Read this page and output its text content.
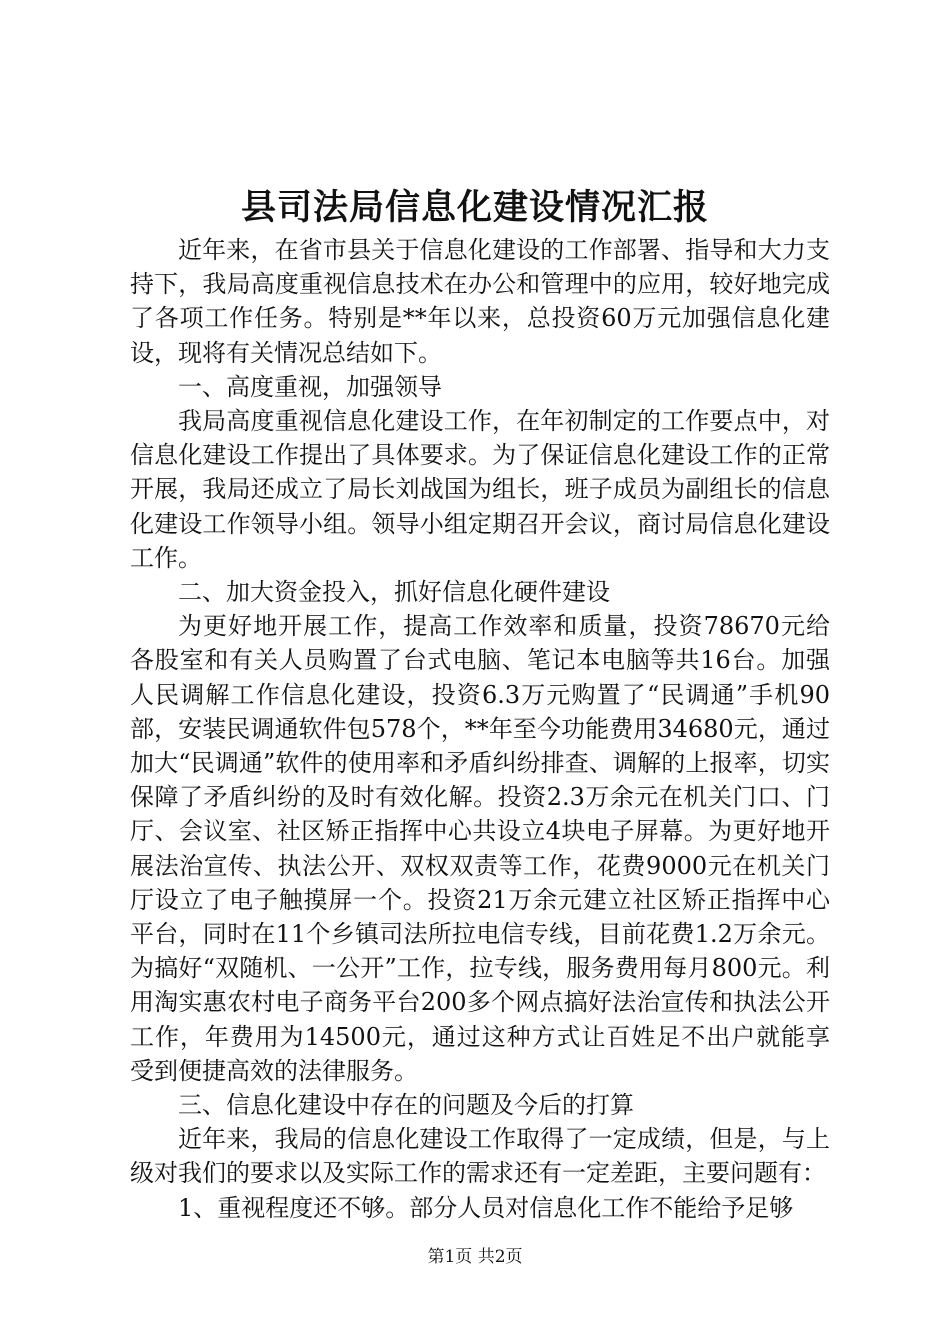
县司法局信息化建设情况汇报

近年来，在省市县关于信息化建设的工作部署、指导和大力支持下，我局高度重视信息技术在办公和管理中的应用，较好地完成了各项工作任务。特别是**年以来，总投资60万元加强信息化建设，现将有关情况总结如下。

一、高度重视，加强领导

我局高度重视信息化建设工作，在年初制定的工作要点中，对信息化建设工作提出了具体要求。为了保证信息化建设工作的正常开展，我局还成立了局长刘战国为组长，班子成员为副组长的信息化建设工作领导小组。领导小组定期召开会议，商讨局信息化建设工作。

二、加大资金投入，抓好信息化硬件建设

为更好地开展工作，提高工作效率和质量，投资78670元给各股室和有关人员购置了台式电脑、笔记本电脑等共16台。加强人民调解工作信息化建设，投资6.3万元购置了“民调通”手机90部，安装民调通软件包578个，**年至今功能费用34680元，通过加大“民调通”软件的使用率和矛盾纠纷排查、调解的上报率，切实保障了矛盾纠纷的及时有效化解。投资2.3万余元在机关门口、门厅、会议室、社区矫正指挥中心共设立4块电子屏幕。为更好地开展法治宣传、执法公开、双权双责等工作，花费9000元在机关门厅设立了电子触摸屏一个。投资21万余元建立社区矫正指挥中心平台，同时在11个乡镇司法所拉电信专线，目前花费1.2万余元。为搞好“双随机、一公开”工作，拉专线，服务费用每月800元。利用淘实惠农村电子商务平台200多个网点搞好法治宣传和执法公开工作，年费用为14500元，通过这种方式让百姓足不出户就能享受到便捷高效的法律服务。

三、信息化建设中存在的问题及今后的打算

近年来，我局的信息化建设工作取得了一定成绩，但是，与上级对我们的要求以及实际工作的需求还有一定差距，主要问题有：

1、重视程度还不够。部分人员对信息化工作不能给予足够

第1页 共2页
